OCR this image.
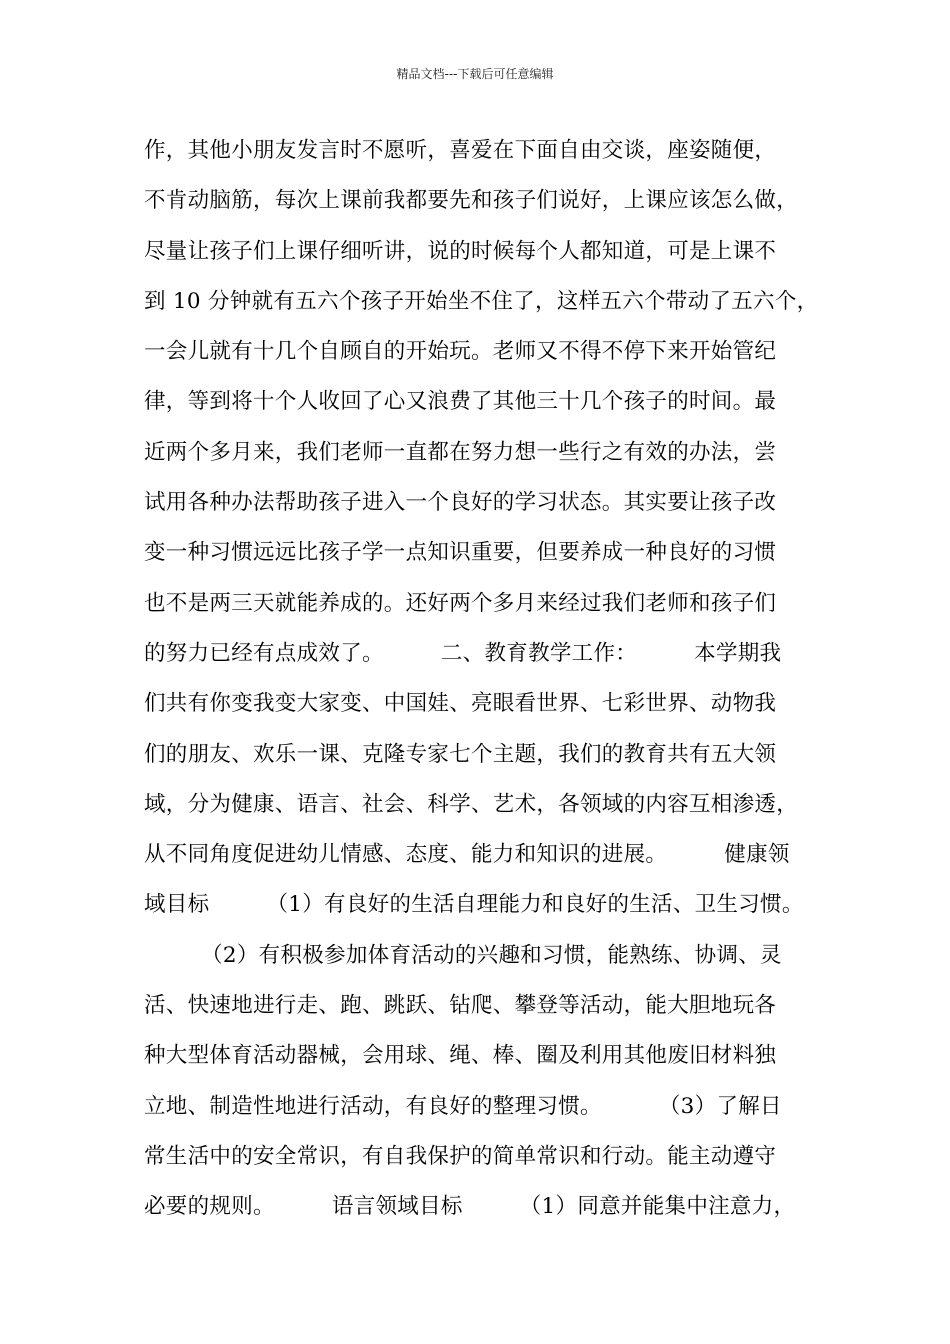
精品文档---下载后可任意编辑
作，其他小朋友发言时不愿听，喜爱在下面自由交谈，座姿随便，
不肯动脑筋，每次上课前我都要先和孩子们说好，上课应该怎么做，
尽量让孩子们上课仔细听讲，说的时候每个人都知道，可是上课不
到 10 分钟就有五六个孩子开始坐不住了，这样五六个带动了五六个，
一会儿就有十几个自顾自的开始玩。老师又不得不停下来开始管纪
律，等到将十个人收回了心又浪费了其他三十几个孩子的时间。最
近两个多月来，我们老师一直都在努力想一些行之有效的办法，尝
试用各种办法帮助孩子进入一个良好的学习状态。其实要让孩子改
变一种习惯远远比孩子学一点知识重要，但要养成一种良好的习惯
也不是两三天就能养成的。还好两个多月来经过我们老师和孩子们
的努力已经有点成效了。        二、教育教学工作：        本学期我
们共有你变我变大家变、中国娃、亮眼看世界、七彩世界、动物我
们的朋友、欢乐一课、克隆专家七个主题，我们的教育共有五大领
域，分为健康、语言、社会、科学、艺术，各领域的内容互相渗透，
从不同角度促进幼儿情感、态度、能力和知识的进展。        健康领
域目标        （1）有良好的生活自理能力和良好的生活、卫生习惯。
（2）有积极参加体育活动的兴趣和习惯，能熟练、协调、灵
活、快速地进行走、跑、跳跃、钻爬、攀登等活动，能大胆地玩各
种大型体育活动器械，会用球、绳、棒、圈及利用其他废旧材料独
立地、制造性地进行活动，有良好的整理习惯。        （3）了解日
常生活中的安全常识，有自我保护的简单常识和行动。能主动遵守
必要的规则。        语言领域目标        （1）同意并能集中注意力，
